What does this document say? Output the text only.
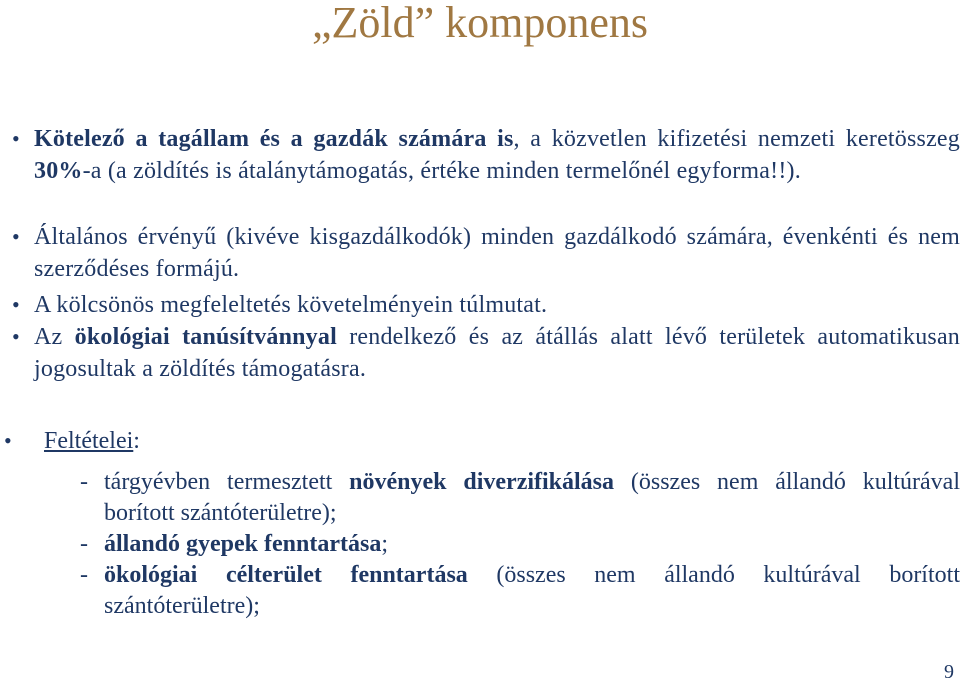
„Zöld” komponens
• Kötelező a tagállam és a gazdák számára is, a közvetlen kifizetési nemzeti keretösszeg 30%-a (a zöldítés is átalánytámogatás, értéke minden termelőnél egyforma!!).
• Általános érvényű (kivéve kisgazdálkodók) minden gazdálkodó számára, évenkénti és nem szerződéses formájú.
• A kölcsönös megfeleltetés követelményein túlmutat.
• Az ökológiai tanúsítvánnyal rendelkező és az átállás alatt lévő területek automatikusan jogosultak a zöldítés támogatásra.
• Feltételei:
- tárgyévben termesztett növények diverzifikálása (összes nem állandó kultúrával borított szántóterületre);
- állandó gyepek fenntartása;
- ökológiai célterület fenntartása (összes nem állandó kultúrával borított szántóterületre);
9
